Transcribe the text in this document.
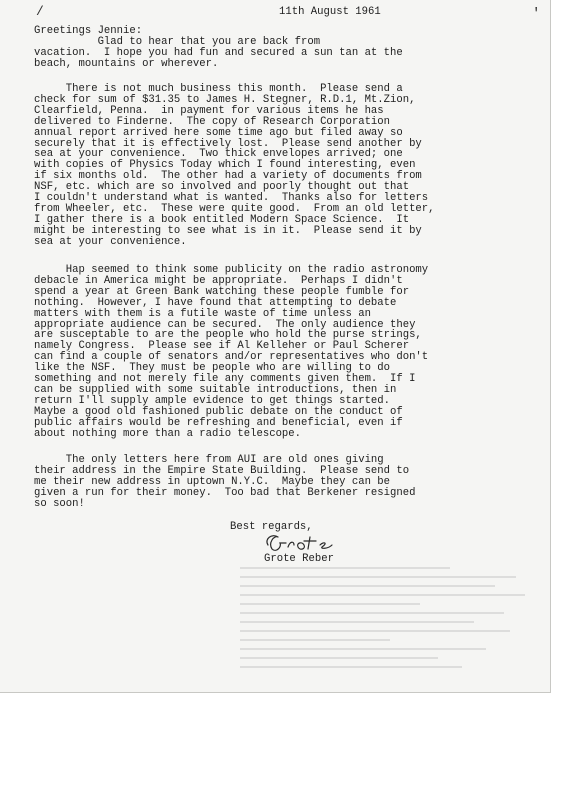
/	'
11th August 1961
Greetings Jennie:
Glad to hear that you are back from
vacation.  I hope you had fun and secured a sun tan at the
beach, mountains or wherever.
There is not much business this month.  Please send a
check for sum of $31.35 to James H. Stegner, R.D.1, Mt.Zion,
Clearfield, Penna.  in payment for various items he has
delivered to Finderne.  The copy of Research Corporation
annual report arrived here some time ago but filed away so
securely that it is effectively lost.  Please send another by
sea at your convenience.  Two thick envelopes arrived; one
with copies of Physics Today which I found interesting, even
if six months old.  The other had a variety of documents from
NSF, etc. which are so involved and poorly thought out that
I couldn't understand what is wanted.  Thanks also for letters
from Wheeler, etc.  These were quite good.  From an old letter,
I gather there is a book entitled Modern Space Science.  It
might be interesting to see what is in it.  Please send it by
sea at your convenience.
Hap seemed to think some publicity on the radio astronomy
debacle in America might be appropriate.  Perhaps I didn't
spend a year at Green Bank watching these people fumble for
nothing.  However, I have found that attempting to debate
matters with them is a futile waste of time unless an
appropriate audience can be secured.  The only audience they
are susceptable to are the people who hold the purse strings,
namely Congress.  Please see if Al Kelleher or Paul Scherer
can find a couple of senators and/or representatives who don't
like the NSF.  They must be people who are willing to do
something and not merely file any comments given them.  If I
can be supplied with some suitable introductions, then in
return I'll supply ample evidence to get things started.
Maybe a good old fashioned public debate on the conduct of
public affairs would be refreshing and beneficial, even if
about nothing more than a radio telescope.
The only letters here from AUI are old ones giving
their address in the Empire State Building.  Please send to
me their new address in uptown N.Y.C.  Maybe they can be
given a run for their money.  Too bad that Berkener resigned
so soon!
Best regards,
Grote Reber
